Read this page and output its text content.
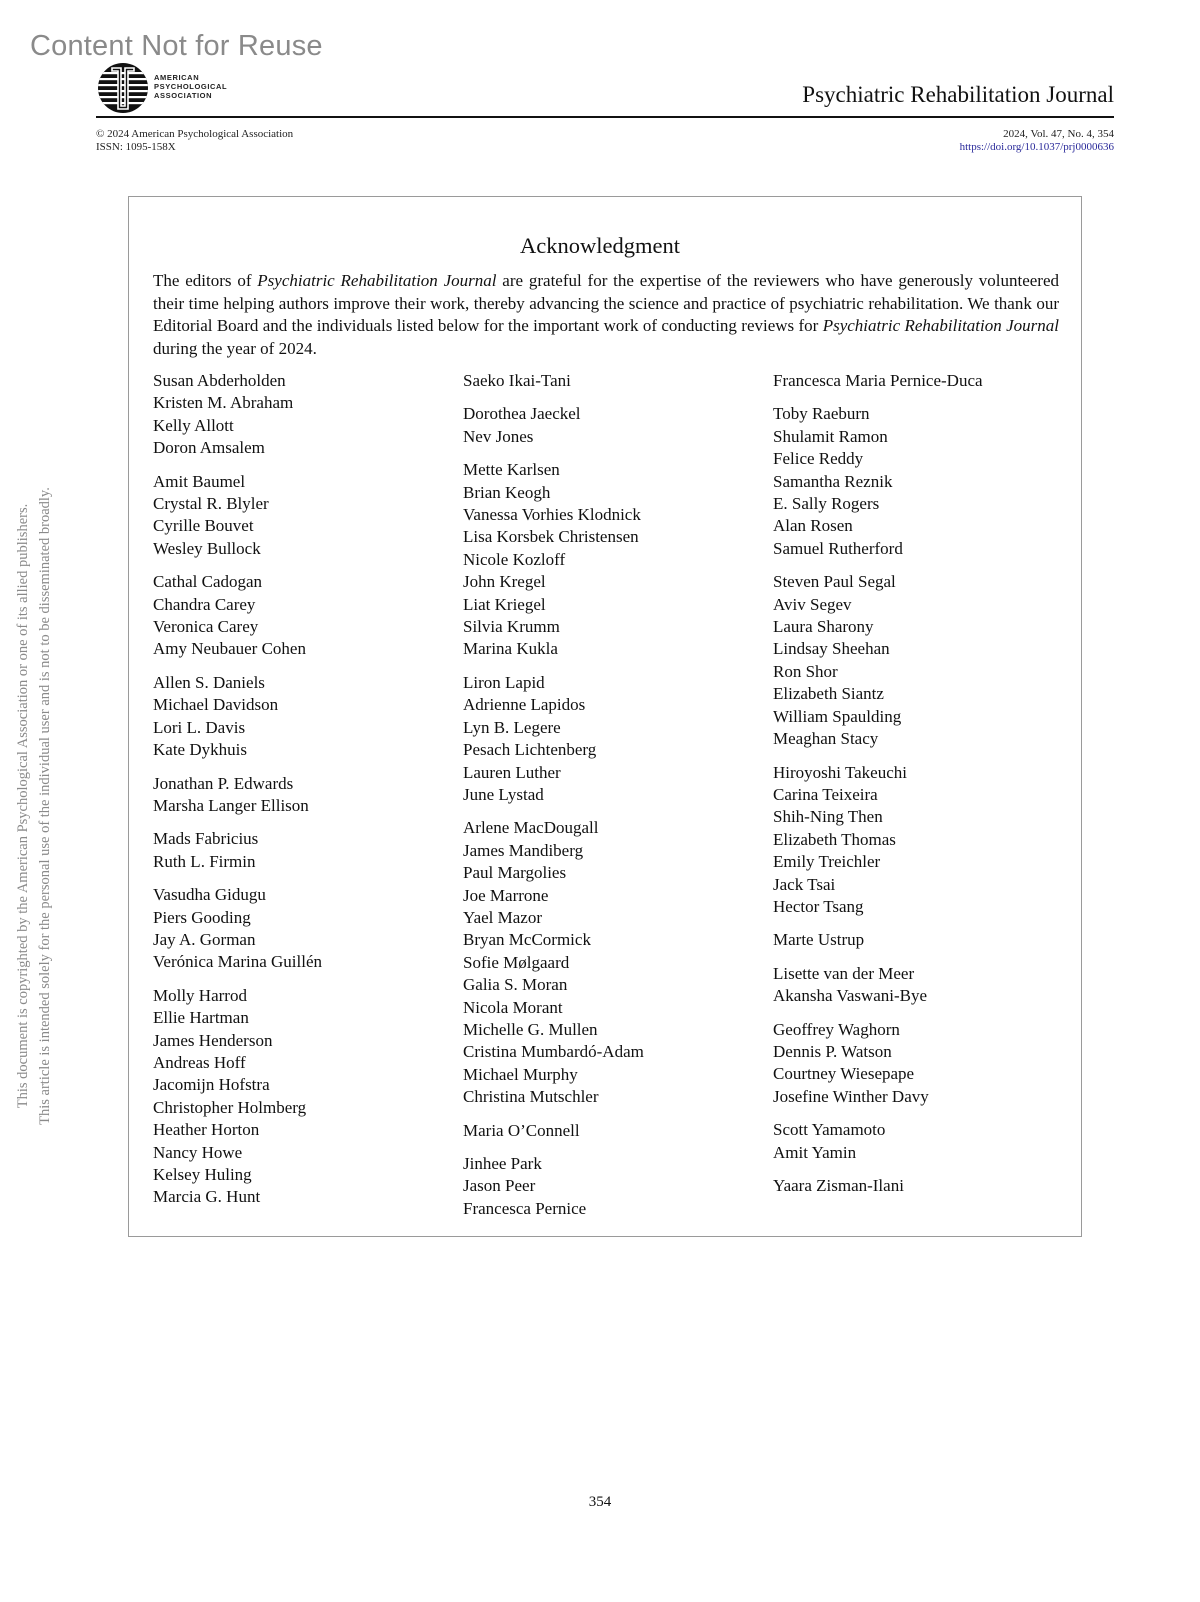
Content Not for Reuse
AMERICAN
PSYCHOLOGICAL
ASSOCIATION	Psychiatric Rehabilitation Journal
© 2024 American Psychological Association
ISSN: 1095-158X
2024, Vol. 47, No. 4, 354
https://doi.org/10.1037/prj0000636
This document is copyrighted by the American Psychological Association or one of its allied publishers. This article is intended solely for the personal use of the individual user and is not to be disseminated broadly.
Acknowledgment
The editors of Psychiatric Rehabilitation Journal are grateful for the expertise of the reviewers who have generously volunteered their time helping authors improve their work, thereby advancing the science and practice of psychiatric rehabilitation. We thank our Editorial Board and the individuals listed below for the important work of conducting reviews for Psychiatric Rehabilitation Journal during the year of 2024.
Susan Abderholden
Kristen M. Abraham
Kelly Allott
Doron Amsalem
Amit Baumel
Crystal R. Blyler
Cyrille Bouvet
Wesley Bullock
Cathal Cadogan
Chandra Carey
Veronica Carey
Amy Neubauer Cohen
Allen S. Daniels
Michael Davidson
Lori L. Davis
Kate Dykhuis
Jonathan P. Edwards
Marsha Langer Ellison
Mads Fabricius
Ruth L. Firmin
Vasudha Gidugu
Piers Gooding
Jay A. Gorman
Verónica Marina Guillén
Molly Harrod
Ellie Hartman
James Henderson
Andreas Hoff
Jacomijn Hofstra
Christopher Holmberg
Heather Horton
Nancy Howe
Kelsey Huling
Marcia G. Hunt
Saeko Ikai-Tani
Dorothea Jaeckel
Nev Jones
Mette Karlsen
Brian Keogh
Vanessa Vorhies Klodnick
Lisa Korsbek Christensen
Nicole Kozloff
John Kregel
Liat Kriegel
Silvia Krumm
Marina Kukla
Liron Lapid
Adrienne Lapidos
Lyn B. Legere
Pesach Lichtenberg
Lauren Luther
June Lystad
Arlene MacDougall
James Mandiberg
Paul Margolies
Joe Marrone
Yael Mazor
Bryan McCormick
Sofie Mølgaard
Galia S. Moran
Nicola Morant
Michelle G. Mullen
Cristina Mumbardó-Adam
Michael Murphy
Christina Mutschler
Maria O’Connell
Jinhee Park
Jason Peer
Francesca Pernice
Francesca Maria Pernice-Duca
Toby Raeburn
Shulamit Ramon
Felice Reddy
Samantha Reznik
E. Sally Rogers
Alan Rosen
Samuel Rutherford
Steven Paul Segal
Aviv Segev
Laura Sharony
Lindsay Sheehan
Ron Shor
Elizabeth Siantz
William Spaulding
Meaghan Stacy
Hiroyoshi Takeuchi
Carina Teixeira
Shih-Ning Then
Elizabeth Thomas
Emily Treichler
Jack Tsai
Hector Tsang
Marte Ustrup
Lisette van der Meer
Akansha Vaswani-Bye
Geoffrey Waghorn
Dennis P. Watson
Courtney Wiesepape
Josefine Winther Davy
Scott Yamamoto
Amit Yamin
Yaara Zisman-Ilani
354
